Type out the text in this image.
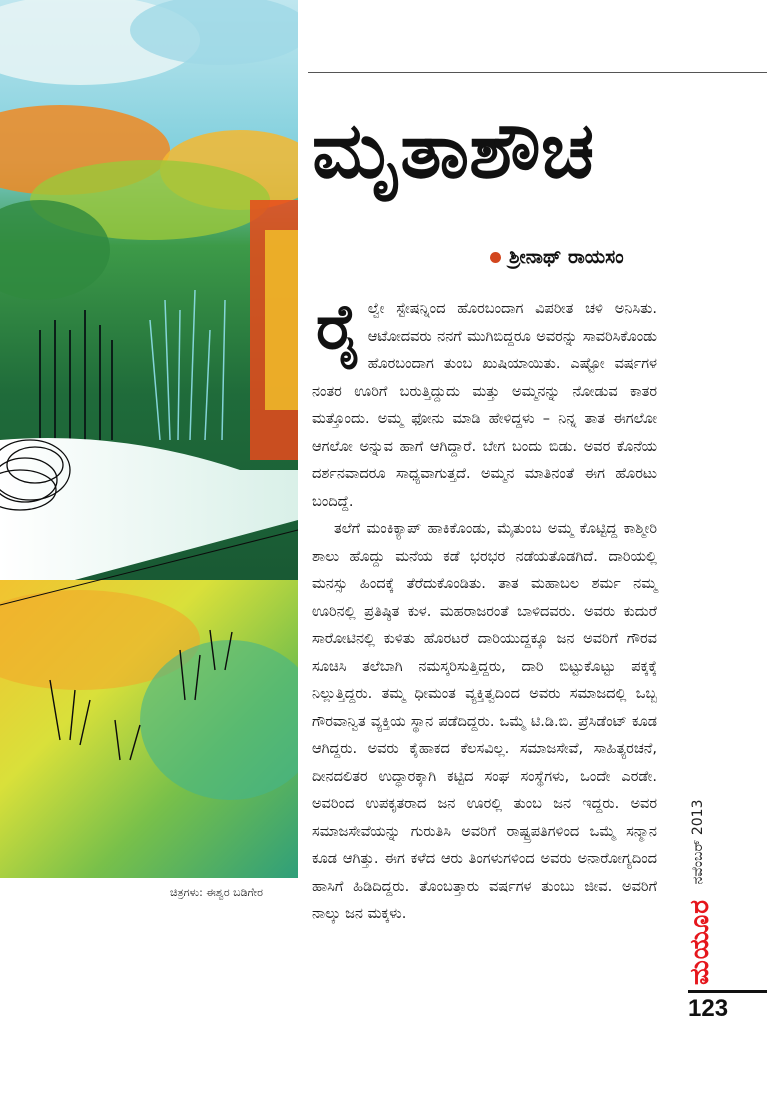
ಚಿತ್ರಗಳು: ಈಶ್ವರ ಬಡಿಗೇರ
ಮೃತಾಶೌಚ
ಶ್ರೀನಾಥ್ ರಾಯಸಂ

ರೈಲ್ವೇ ಸ್ಟೇಷನ್ನಿಂದ ಹೊರಬಂದಾಗ ವಿಪರೀತ ಚಳಿ ಅನಿಸಿತು. ಆಟೋದವರು ನನಗೆ ಮುಗಿಬಿದ್ದರೂ ಅವರನ್ನು ಸಾವರಿಸಿಕೊಂಡು ಹೊರಬಂದಾಗ ತುಂಬ ಖುಷಿಯಾಯಿತು. ಎಷ್ಟೋ ವರ್ಷಗಳ ನಂತರ ಊರಿಗೆ ಬರುತ್ತಿದ್ದುದು ಮತ್ತು ಅಮ್ಮನನ್ನು ನೋಡುವ ಕಾತರ ಮತ್ತೊಂದು. ಅಮ್ಮ ಫೋನು ಮಾಡಿ ಹೇಳಿದ್ದಳು – ನಿನ್ನ ತಾತ ಈಗಲೋ ಆಗಲೋ ಅನ್ನುವ ಹಾಗೆ ಆಗಿದ್ದಾರೆ. ಬೇಗ ಬಂದು ಬಿಡು. ಅವರ ಕೊನೆಯ ದರ್ಶನವಾದರೂ ಸಾಧ್ಯವಾಗುತ್ತದೆ. ಅಮ್ಮನ ಮಾತಿನಂತೆ ಈಗ ಹೊರಟು ಬಂದಿದ್ದೆ.

ತಲೆಗೆ ಮಂಕಿಕ್ಯಾಪ್ ಹಾಕಿಕೊಂಡು, ಮೈತುಂಬ ಅಮ್ಮ ಕೊಟ್ಟಿದ್ದ ಕಾಶ್ಮೀರಿ ಶಾಲು ಹೊದ್ದು ಮನೆಯ ಕಡೆ ಭರಭರ ನಡೆಯತೊಡಗಿದೆ. ದಾರಿಯಲ್ಲಿ ಮನಸ್ಸು ಹಿಂದಕ್ಕೆ ತೆರೆದುಕೊಂಡಿತು. ತಾತ ಮಹಾಬಲ ಶರ್ಮ ನಮ್ಮ ಊರಿನಲ್ಲಿ ಪ್ರತಿಷ್ಠಿತ ಕುಳ. ಮಹರಾಜರಂತೆ ಬಾಳಿದವರು. ಅವರು ಕುದುರೆ ಸಾರೋಟಿನಲ್ಲಿ ಕುಳಿತು ಹೊರಟರೆ ದಾರಿಯುದ್ದಕ್ಕೂ ಜನ ಅವರಿಗೆ ಗೌರವ ಸೂಚಿಸಿ ತಲೆಬಾಗಿ ನಮಸ್ಕರಿಸುತ್ತಿದ್ದರು, ದಾರಿ ಬಿಟ್ಟುಕೊಟ್ಟು ಪಕ್ಕಕ್ಕೆ ನಿಲ್ಲುತ್ತಿದ್ದರು. ತಮ್ಮ ಧೀಮಂತ ವ್ಯಕ್ತಿತ್ವದಿಂದ ಅವರು ಸಮಾಜದಲ್ಲಿ ಒಬ್ಬ ಗೌರವಾನ್ವಿತ ವ್ಯಕ್ತಿಯ ಸ್ಥಾನ ಪಡೆದಿದ್ದರು. ಒಮ್ಮೆ ಟಿ.ಡಿ.ಬಿ. ಪ್ರೆಸಿಡೆಂಟ್ ಕೂಡ ಆಗಿದ್ದರು. ಅವರು ಕೈಹಾಕದ ಕೆಲಸವಿಲ್ಲ. ಸಮಾಜಸೇವೆ, ಸಾಹಿತ್ಯರಚನೆ, ದೀನದಲಿತರ ಉದ್ಧಾರಕ್ಕಾಗಿ ಕಟ್ಟಿದ ಸಂಘ ಸಂಸ್ಥೆಗಳು, ಒಂದೇ ಎರಡೇ. ಅವರಿಂದ ಉಪಕೃತರಾದ ಜನ ಊರಲ್ಲಿ ತುಂಬ ಜನ ಇದ್ದರು. ಅವರ ಸಮಾಜಸೇವೆಯನ್ನು ಗುರುತಿಸಿ ಅವರಿಗೆ ರಾಷ್ಟ್ರಪತಿಗಳಿಂದ ಒಮ್ಮೆ ಸನ್ಮಾನ ಕೂಡ ಆಗಿತ್ತು. ಈಗ ಕಳೆದ ಆರು ತಿಂಗಳುಗಳಿಂದ ಅವರು ಅನಾರೋಗ್ಯದಿಂದ ಹಾಸಿಗೆ ಹಿಡಿದಿದ್ದರು. ತೊಂಬತ್ತಾರು ವರ್ಷಗಳ ತುಂಬು ಜೀವ. ಅವರಿಗೆ ನಾಲ್ಕು ಜನ ಮಕ್ಕಳು.

ನವೆಂಬರ್ 2013
ಮಯೂರ
123
